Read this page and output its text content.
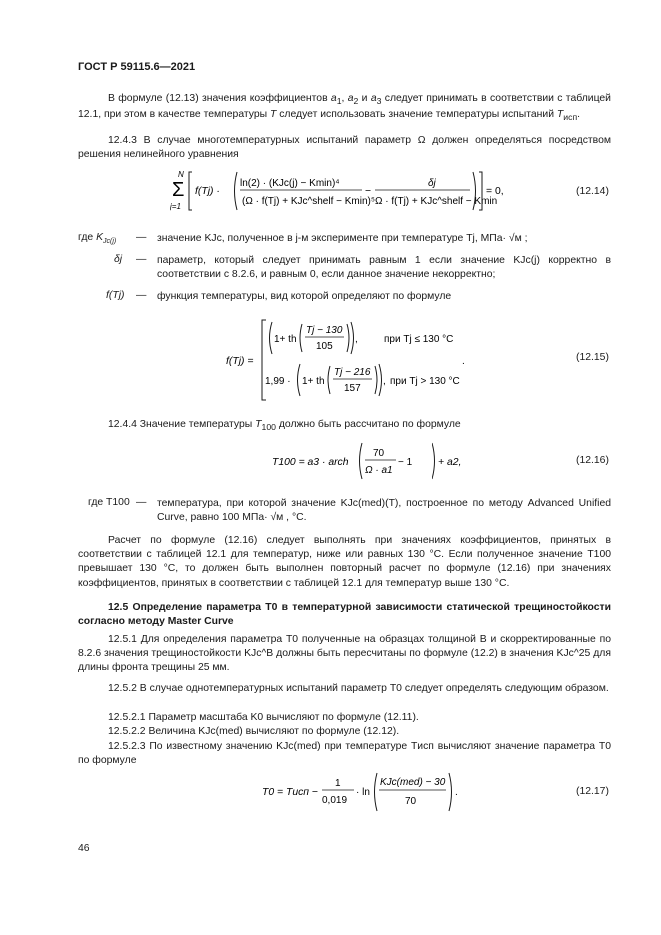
ГОСТ Р 59115.6—2021
В формуле (12.13) значения коэффициентов $a_1$, $a_2$ и $a_3$ следует принимать в соответствии с таблицей 12.1, при этом в качестве температуры T следует использовать значение температуры испытаний $T_{исп}$.
12.4.3 В случае многотемпературных испытаний параметр Ω должен определяться посредством решения нелинейного уравнения
N
Σ
j=1
f(Tj) ·
ln(2) · (KJc(j) − Kmin)⁴
(Ω · f(Tj) + KJc^shelf − Kmin)⁵
−
δj
Ω · f(Tj) + KJc^shelf − Kmin
= 0,	(12.14)
где $K_{Jc(j)}$ — значение KJc, полученное в j-м эксперименте при температуре Tj, МПа· √м ;
δj — параметр, который следует принимать равным 1 если значение KJc(j) корректно в соответствии с 8.2.6, и равным 0, если данное значение некорректно;
f(Tj) — функция температуры, вид которой определяют по формуле
f(Tj) =
1+ th
Tj − 130
105
,	при Tj ≤ 130 °C
1,99 · 1+ th
Tj − 216
157
, при Tj > 130 °C
.	(12.15)
12.4.4 Значение температуры $T_{100}$ должно быть рассчитано по формуле
T100 = a3 · arch
70
Ω · a1
− 1 + a2,	(12.16)
где T100 — температура, при которой значение KJc(med)(T), построенное по методу Advanced Unified Curve, равно 100 МПа· √м , °C.
Расчет по формуле (12.16) следует выполнять при значениях коэффициентов, принятых в соответствии с таблицей 12.1 для температур, ниже или равных 130 °C. Если полученное значение T100 превышает 130 °C, то должен быть выполнен повторный расчет по формуле (12.16) при значениях коэффициентов, принятых в соответствии с таблицей 12.1 для температур выше 130 °C.
12.5 Определение параметра T0 в температурной зависимости статической трещиностойкости согласно методу Master Curve
12.5.1 Для определения параметра T0 полученные на образцах толщиной B и скорректированные по 8.2.6 значения трещиностойкости KJc^B должны быть пересчитаны по формуле (12.2) в значения KJc^25 для длины фронта трещины 25 мм.
12.5.2 В случае однотемпературных испытаний параметр T0 следует определять следующим образом.
12.5.2.1 Параметр масштаба K0 вычисляют по формуле (12.11).
12.5.2.2 Величина KJc(med) вычисляют по формуле (12.12).
12.5.2.3 По известному значению KJc(med) при температуре Tисп вычисляют значение параметра T0 по формуле
T0 = Tисп −
1
0,019
· ln
KJc(med) − 30
70
.	(12.17)
46
